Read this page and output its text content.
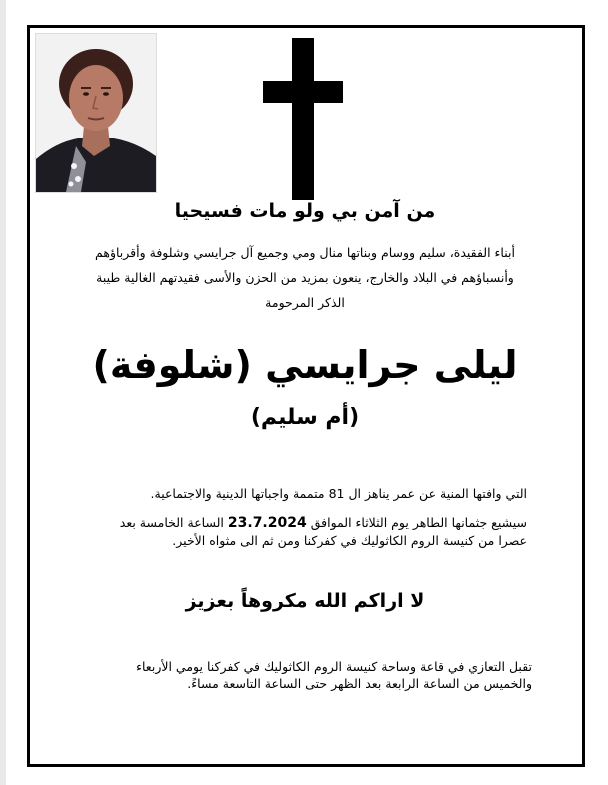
من آمن بي ولو مات فسيحيا
أبناء الفقيدة، سليم ووسام وبناتها منال ومي وجميع آل جرايسي وشلوفة وأقرباؤهم
وأنسباؤهم في البلاد والخارج، ينعون بمزيد من الحزن والأسى فقيدتهم الغالية طيبة
الذكر المرحومة
ليلى جرايسي (شلوفة)
(أم سليم)
التي وافتها المنية عن عمر يناهز ال 81 متممة واجباتها الدينية والاجتماعية.
سيشيع جثمانها الطاهر يوم الثلاثاء الموافق 23.7.2024 الساعة الخامسة بعد
عصرا من كنيسة الروم الكاثوليك في كفركنا ومن ثم الى مثواه الأخير.
لا اراكم الله مكروهاً بعزيز
تقبل التعازي في قاعة وساحة كنيسة الروم الكاثوليك في كفركنا يومي الأربعاء
والخميس من الساعة الرابعة بعد الظهر حتى الساعة التاسعة مساءً.
